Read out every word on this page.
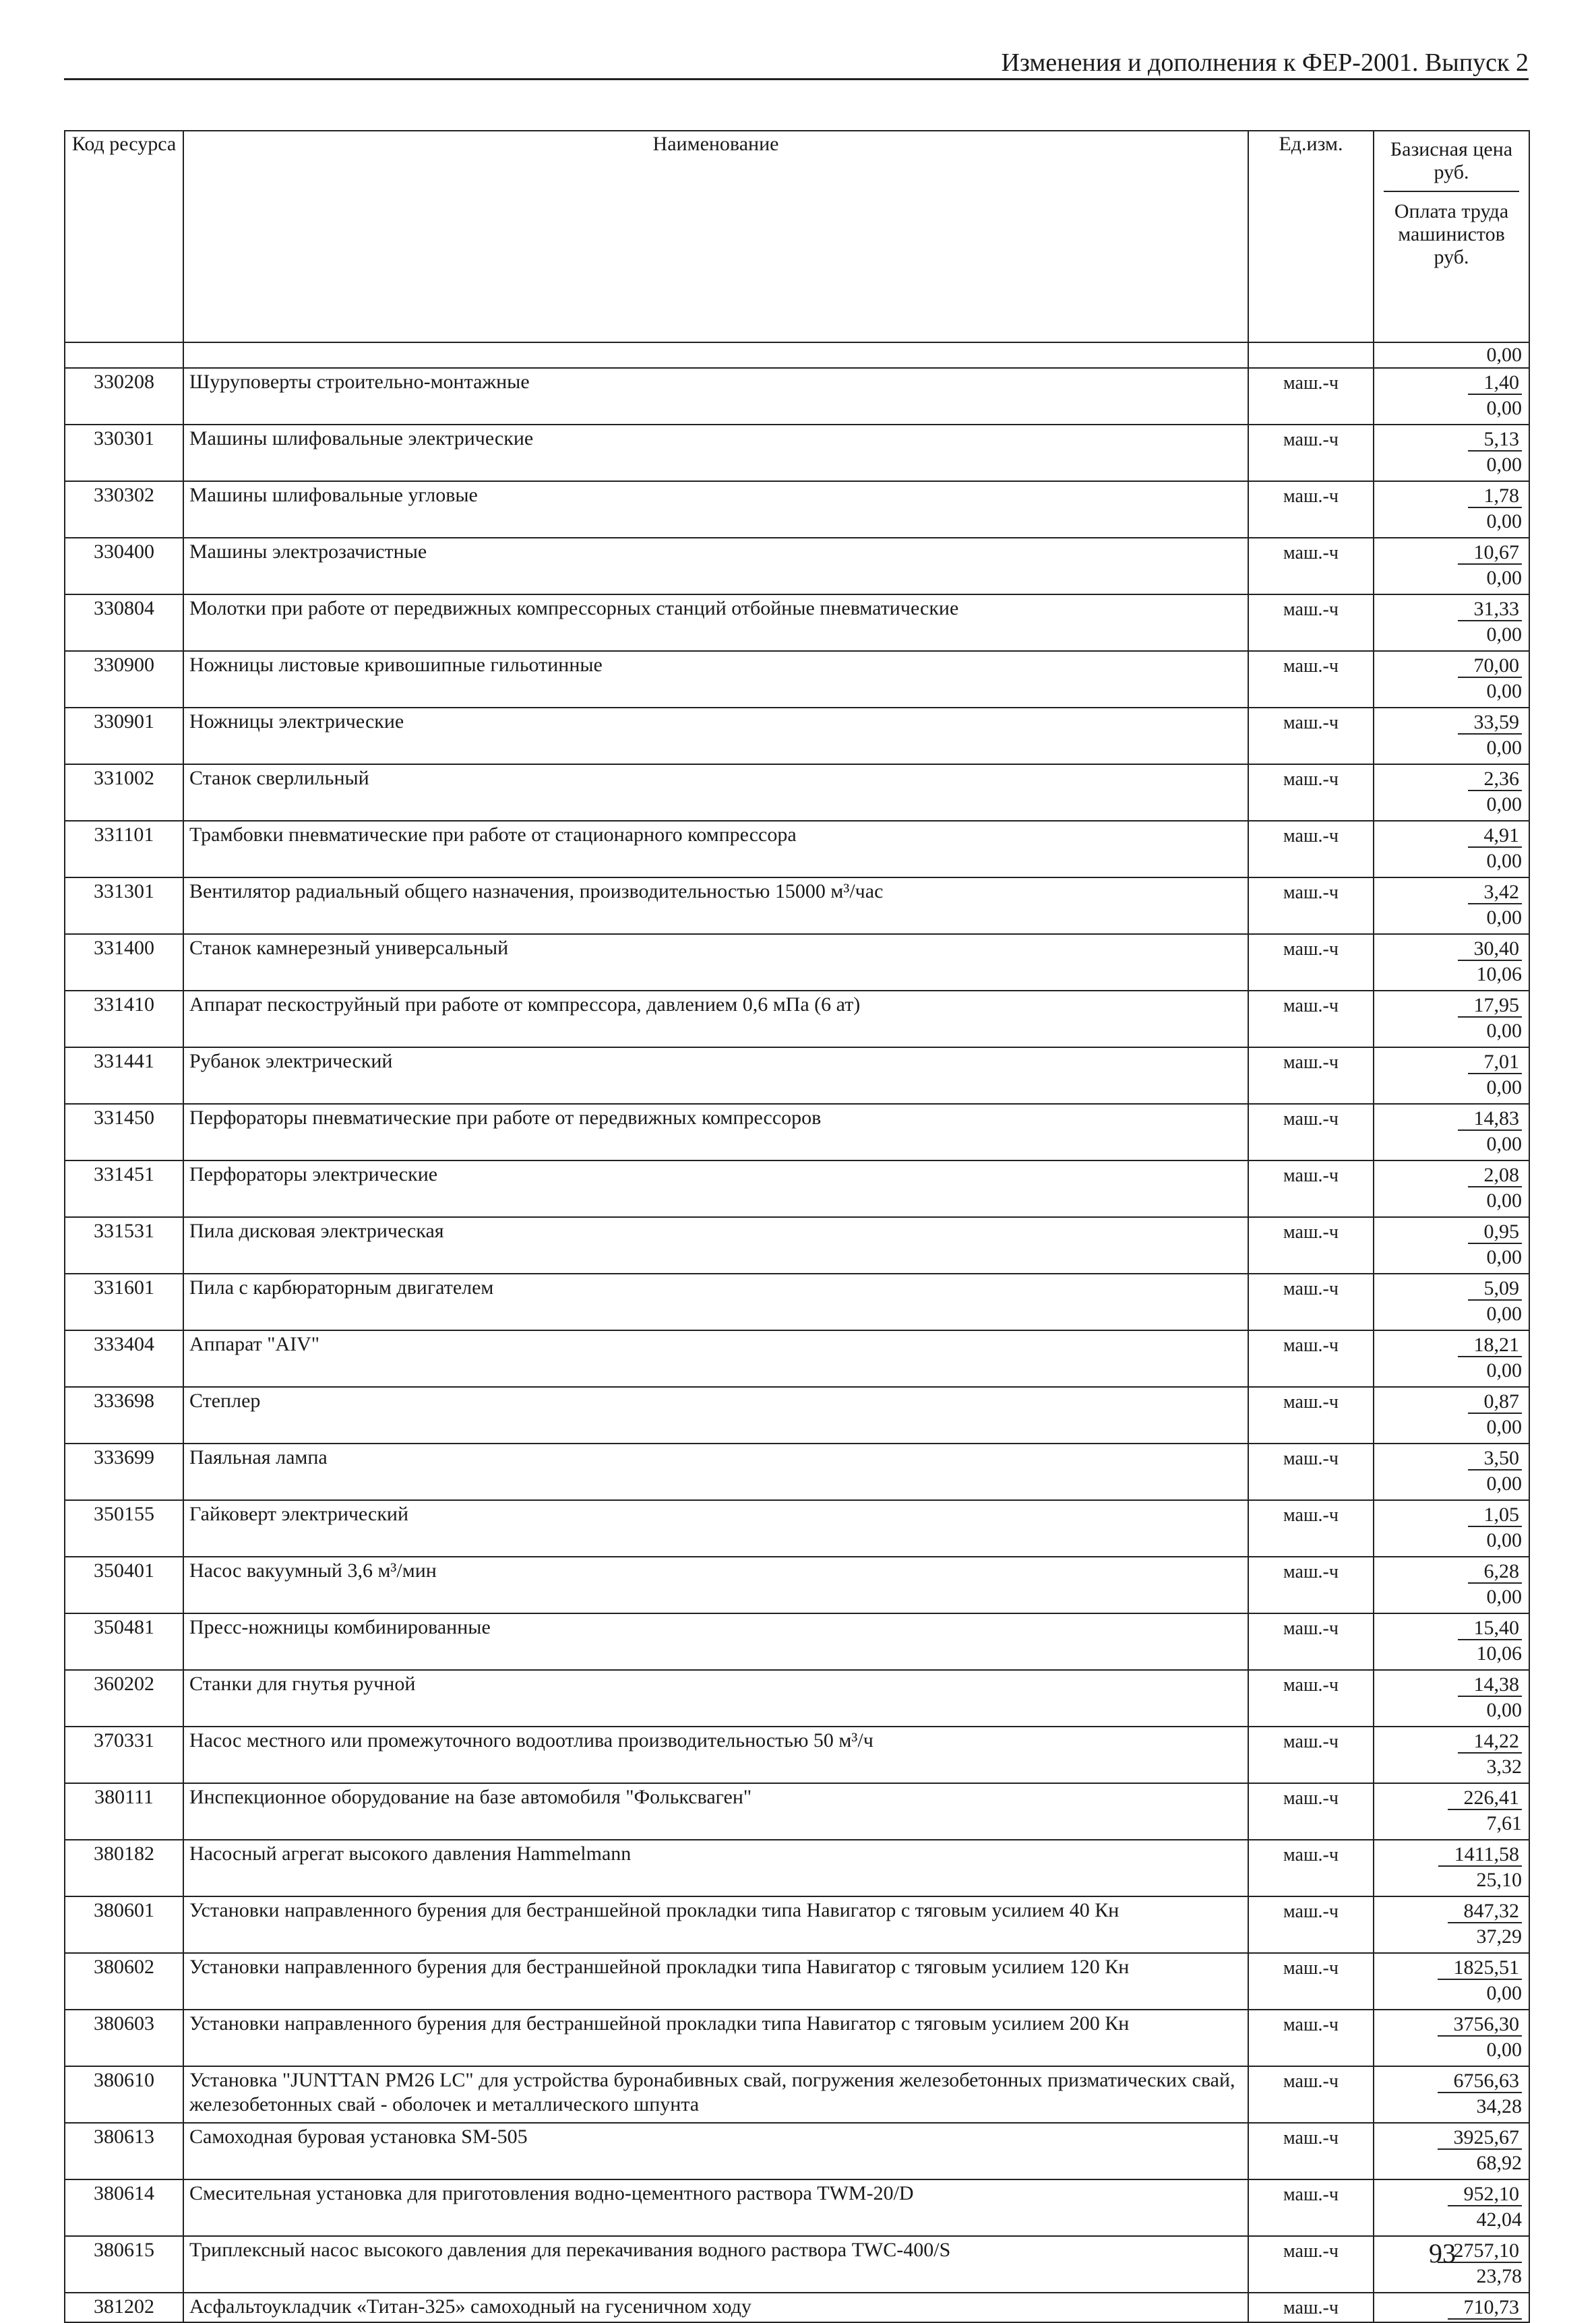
Изменения и дополнения к ФЕР-2001. Выпуск 2
Код ресурса	Наименование	Ед.изм.	Базисная цена руб.
Оплата труда машинистов руб.

			0,00
330208	Шуруповерты строительно-монтажные	маш.-ч	1,40
0,00

330301	Машины шлифовальные электрические	маш.-ч	5,13
0,00

330302	Машины шлифовальные угловые	маш.-ч	1,78
0,00

330400	Машины электрозачистные	маш.-ч	10,67
0,00

330804	Молотки при работе от передвижных компрессорных станций отбойные пневматические	маш.-ч	31,33
0,00

330900	Ножницы листовые кривошипные гильотинные	маш.-ч	70,00
0,00

330901	Ножницы электрические	маш.-ч	33,59
0,00

331002	Станок сверлильный	маш.-ч	2,36
0,00

331101	Трамбовки пневматические при работе от стационарного компрессора	маш.-ч	4,91
0,00

331301	Вентилятор радиальный общего назначения, производительностью 15000 м³/час	маш.-ч	3,42
0,00

331400	Станок камнерезный универсальный	маш.-ч	30,40
10,06

331410	Аппарат пескоструйный при работе от компрессора, давлением 0,6 мПа (6 ат)	маш.-ч	17,95
0,00

331441	Рубанок электрический	маш.-ч	7,01
0,00

331450	Перфораторы пневматические при работе от передвижных компрессоров	маш.-ч	14,83
0,00

331451	Перфораторы электрические	маш.-ч	2,08
0,00

331531	Пила дисковая электрическая	маш.-ч	0,95
0,00

331601	Пила с карбюраторным двигателем	маш.-ч	5,09
0,00

333404	Аппарат "AIV"	маш.-ч	18,21
0,00

333698	Степлер	маш.-ч	0,87
0,00

333699	Паяльная лампа	маш.-ч	3,50
0,00

350155	Гайковерт электрический	маш.-ч	1,05
0,00

350401	Насос вакуумный 3,6 м³/мин	маш.-ч	6,28
0,00

350481	Пресс-ножницы комбинированные	маш.-ч	15,40
10,06

360202	Станки для гнутья ручной	маш.-ч	14,38
0,00

370331	Насос местного или промежуточного водоотлива производительностью 50 м³/ч	маш.-ч	14,22
3,32

380111	Инспекционное оборудование на базе автомобиля "Фольксваген"	маш.-ч	226,41
7,61

380182	Насосный агрегат высокого давления Hammelmann	маш.-ч	1411,58
25,10

380601	Установки направленного бурения для бестраншейной прокладки типа Навигатор с тяговым усилием 40 Кн	маш.-ч	847,32
37,29

380602	Установки направленного бурения для бестраншейной прокладки типа Навигатор с тяговым усилием 120 Кн	маш.-ч	1825,51
0,00

380603	Установки направленного бурения для бестраншейной прокладки типа Навигатор с тяговым усилием 200 Кн	маш.-ч	3756,30
0,00

380610	Установка "JUNTTAN PM26 LC" для устройства буронабивных свай, погружения железобетонных призматических свай, железобетонных свай - оболочек и металлического шпунта	маш.-ч	6756,63
34,28

380613	Самоходная буровая установка SM-505	маш.-ч	3925,67
68,92

380614	Смесительная установка для приготовления водно-цементного раствора TWM-20/D	маш.-ч	952,10
42,04

380615	Триплексный насос высокого давления для перекачивания водного раствора TWC-400/S	маш.-ч	2757,10
23,78

381202	Асфальтоукладчик «Титан-325» самоходный на гусеничном ходу	маш.-ч	710,73
93
